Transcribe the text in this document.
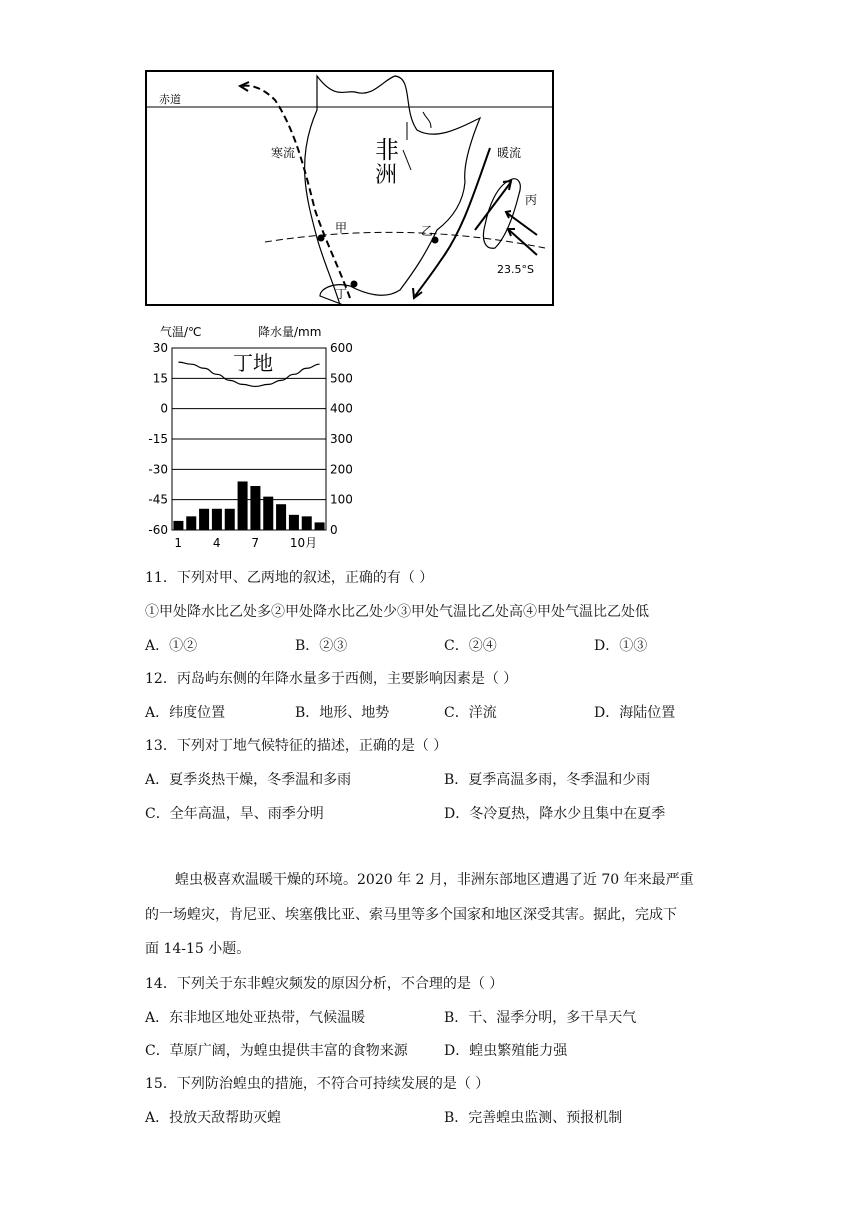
赤道
寒流	暖流
非
洲
丙
甲	乙
丁
23.5°S
气温/℃	降水量/mm
30
15
0
-15
-30
-45
-60
600
500
400
300
200
100
0
丁地
1	4	7	10月
11．下列对甲、乙两地的叙述，正确的有（ ）
①甲处降水比乙处多②甲处降水比乙处少③甲处气温比乙处高④甲处气温比乙处低
A．①②	B．②③	C．②④	D．①③
12．丙岛屿东侧的年降水量多于西侧，主要影响因素是（ ）
A．纬度位置	B．地形、地势	C．洋流	D．海陆位置
13．下列对丁地气候特征的描述，正确的是（ ）
A．夏季炎热干燥，冬季温和多雨	B．夏季高温多雨，冬季温和少雨
C．全年高温，旱、雨季分明	D．冬冷夏热，降水少且集中在夏季
蝗虫极喜欢温暖干燥的环境。2020 年 2 月，非洲东部地区遭遇了近 70 年来最严重
的一场蝗灾，肯尼亚、埃塞俄比亚、索马里等多个国家和地区深受其害。据此，完成下
面 14-15 小题。
14．下列关于东非蝗灾频发的原因分析，不合理的是（ ）
A．东非地区地处亚热带，气候温暖	B．干、湿季分明，多干旱天气
C．草原广阔，为蝗虫提供丰富的食物来源	D．蝗虫繁殖能力强
15．下列防治蝗虫的措施，不符合可持续发展的是（ ）
A．投放天敌帮助灭蝗	B．完善蝗虫监测、预报机制
